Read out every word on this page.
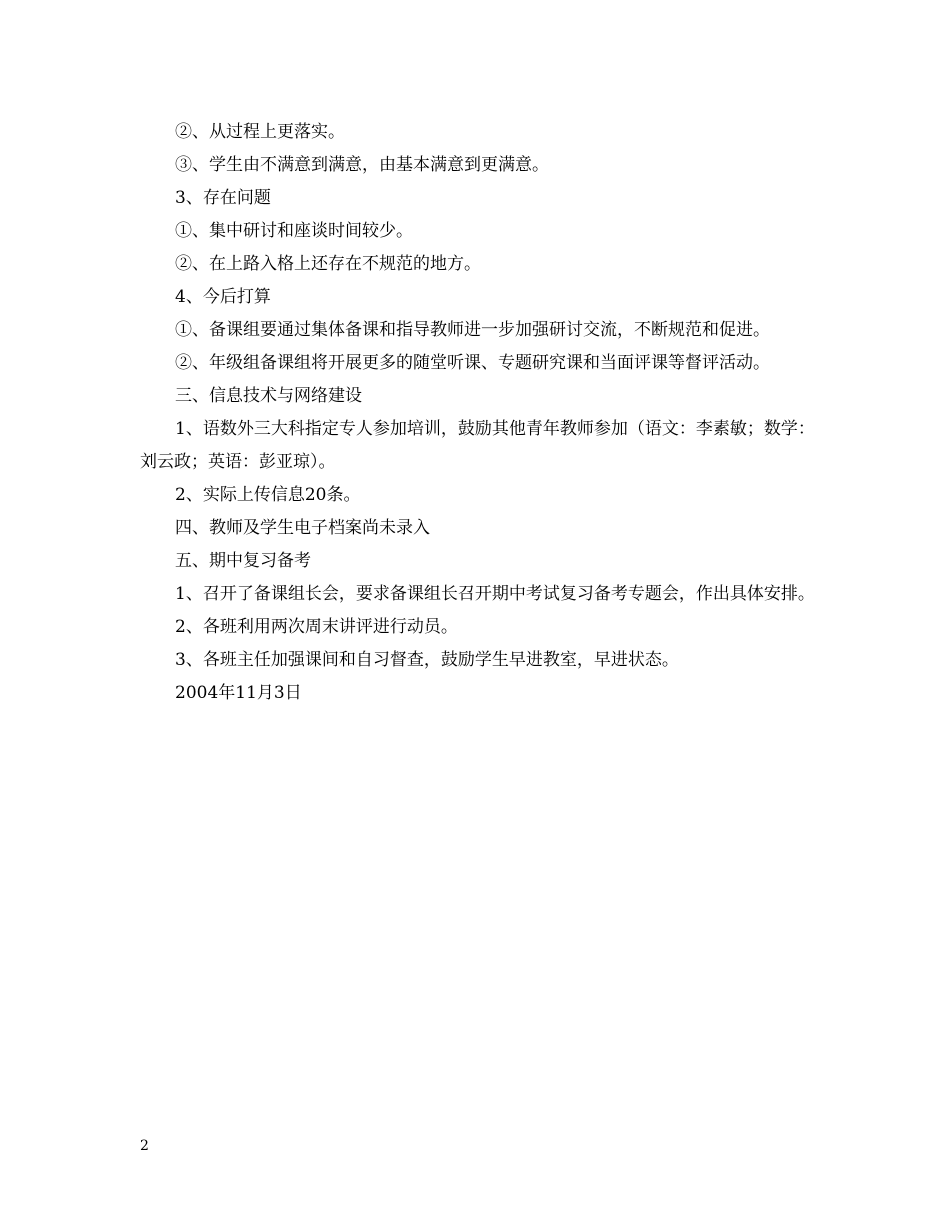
②、从过程上更落实。

③、学生由不满意到满意，由基本满意到更满意。

3、存在问题

①、集中研讨和座谈时间较少。

②、在上路入格上还存在不规范的地方。

4、今后打算

①、备课组要通过集体备课和指导教师进一步加强研讨交流，不断规范和促进。

②、年级组备课组将开展更多的随堂听课、专题研究课和当面评课等督评活动。

三、信息技术与网络建设

1、语数外三大科指定专人参加培训，鼓励其他青年教师参加（语文：李素敏；数学：刘云政；英语：彭亚琼）。

2、实际上传信息20条。

四、教师及学生电子档案尚未录入

五、期中复习备考

1、召开了备课组长会，要求备课组长召开期中考试复习备考专题会，作出具体安排。

2、各班利用两次周末讲评进行动员。

3、各班主任加强课间和自习督查，鼓励学生早进教室，早进状态。

2004年11月3日

2
